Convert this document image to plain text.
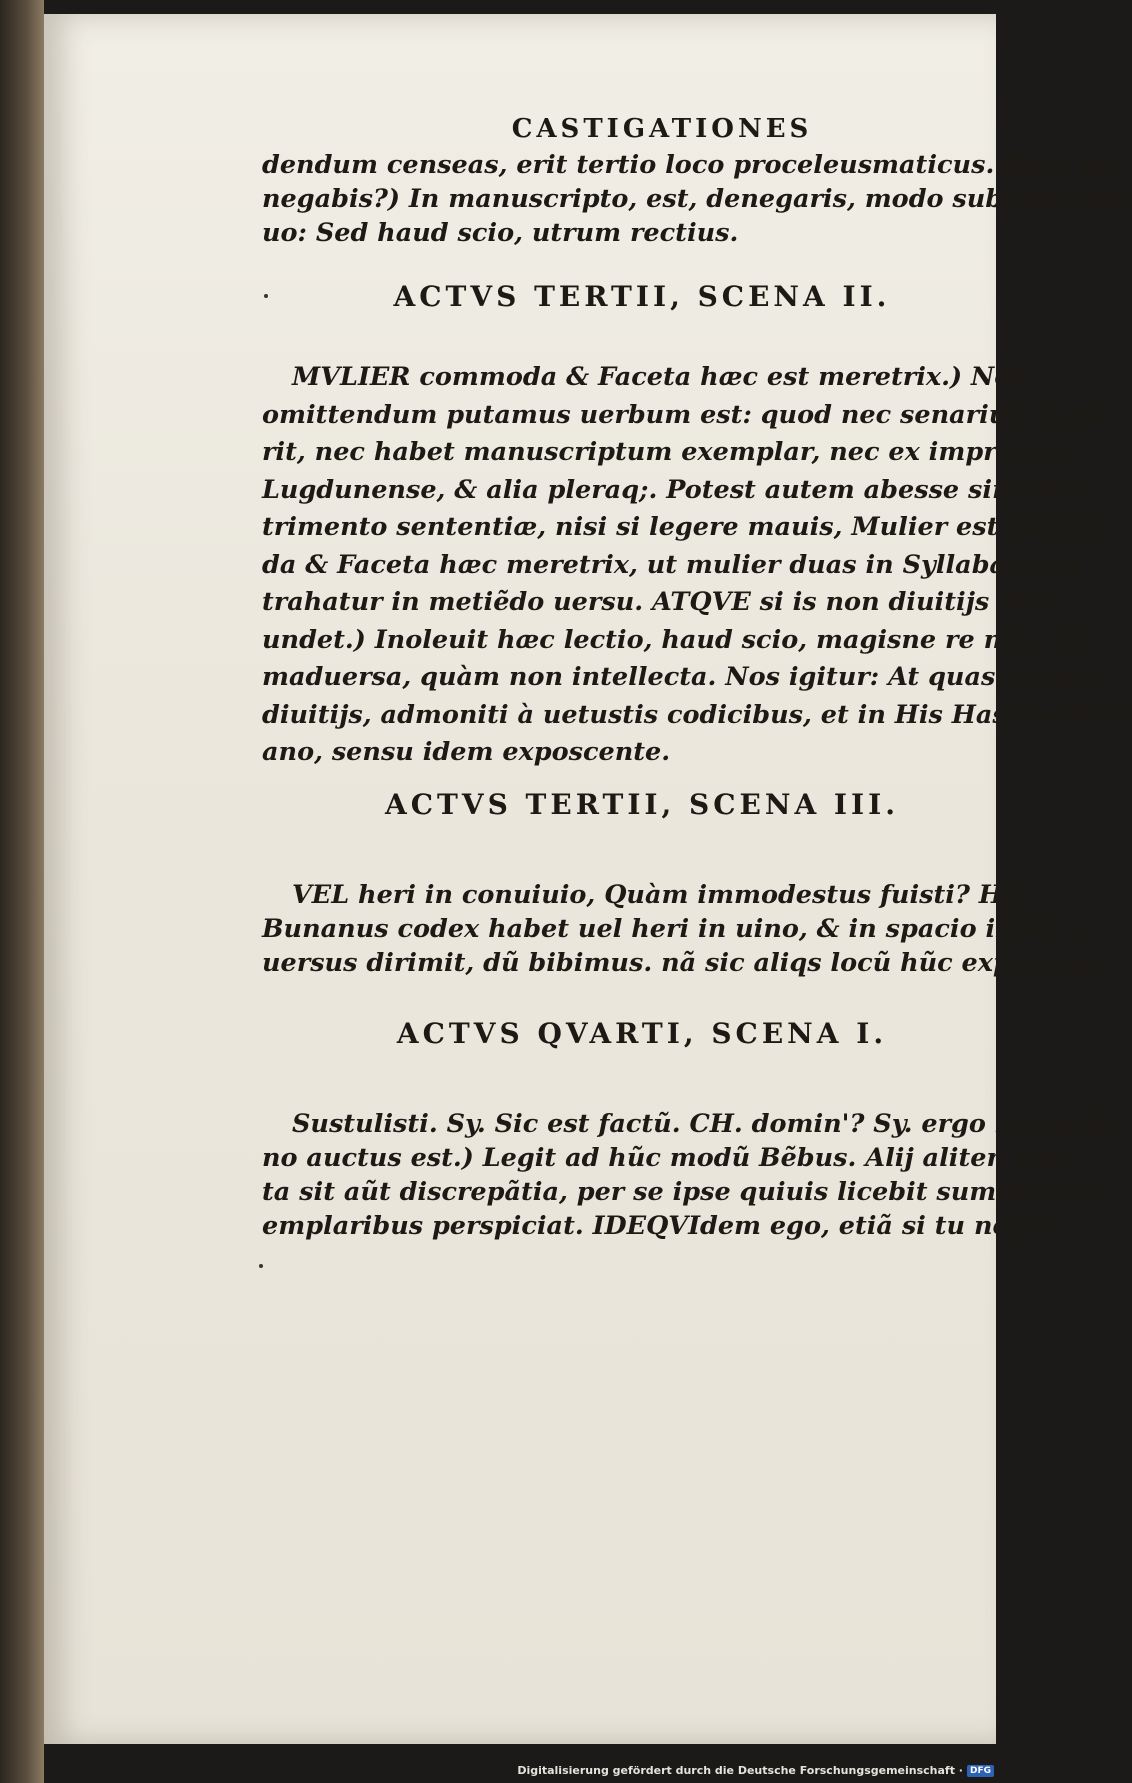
CASTIGATIONES
dendum censeas, erit tertio loco proceleusmaticus. Dare de
negabis?) In manuscripto, est, denegaris, modo subiunctiuo:
uo: Sed haud scio, utrum rectius.
ACTVS TERTII, SCENA II.
MVLIER commoda & Faceta hæc est meretrix.) Nos
omittendum putamus uerbum est: quod nec senarius requi
rit, nec habet manuscriptum exemplar, nec ex impressis
Lugdunense, & alia pleraq;. Potest autem abesse sine de=
trimento sententiæ, nisi si legere mauis, Mulier est commo
da & Faceta hæc meretrix, ut mulier duas in Syllabas con
trahatur in metiẽdo uersu. ATQVE si is non diuitijs ab=
undet.) Inoleuit hæc lectio, haud scio, magisne re non ani=
maduersa, quàm non intellecta. Nos igitur: At quasi is non
diuitijs, admoniti à uetustis codicibus, et in His Hassensteni
ano, sensu idem exposcente.
ACTVS TERTII, SCENA III.
VEL heri in conuiuio, Quàm immodestus fuisti? Hic
Bunanus codex habet uel heri in uino, & in spacio ibidẽ q
uersus dirimit, dũ bibimus. nã sic aliqs locũ hũc explicauit.
ACTVS QVARTI, SCENA I.
Sustulisti. Sy. Sic est factũ. CH. domin'? Sy. ergo herus dã
no auctus est.) Legit ad hũc modũ Bẽbus. Alij aliter. Quã
ta sit aũt discrepãtia, per se ipse quiuis licebit sumptis ex=
emplaribus perspiciat. IDEQVIdem ego, etiã si tu neges
Digitalisierung gefördert durch die Deutsche Forschungsgemeinschaft · DFG
